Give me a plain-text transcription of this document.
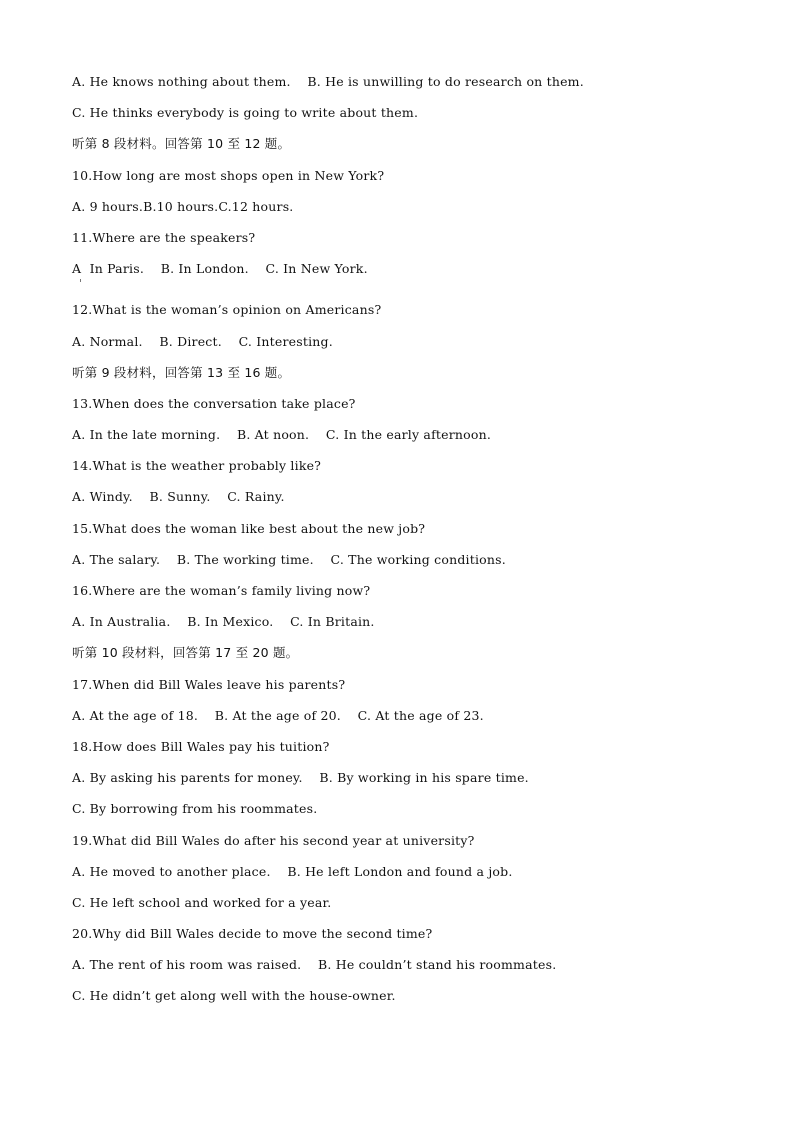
A. He knows nothing about them.    B. He is unwilling to do research on them.
C. He thinks everybody is going to write about them.
听第 8 段材料。回答第 10 至 12 题。
10.How long are most shops open in New York?
A. 9 hours.B.10 hours.C.12 hours.
11.Where are the speakers?
A  In Paris.    B. In London.    C. In New York.
12.What is the woman’s opinion on Americans?
A. Normal.    B. Direct.    C. Interesting.
听第 9 段材料，回答第 13 至 16 题。
13.When does the conversation take place?
A. In the late morning.    B. At noon.    C. In the early afternoon.
14.What is the weather probably like?
A. Windy.    B. Sunny.    C. Rainy.
15.What does the woman like best about the new job?
A. The salary.    B. The working time.    C. The working conditions.
16.Where are the woman’s family living now?
A. In Australia.    B. In Mexico.    C. In Britain.
听第 10 段材料，回答第 17 至 20 题。
17.When did Bill Wales leave his parents?
A. At the age of 18.    B. At the age of 20.    C. At the age of 23.
18.How does Bill Wales pay his tuition?
A. By asking his parents for money.    B. By working in his spare time.
C. By borrowing from his roommates.
19.What did Bill Wales do after his second year at university?
A. He moved to another place.    B. He left London and found a job.
C. He left school and worked for a year.
20.Why did Bill Wales decide to move the second time?
A. The rent of his room was raised.    B. He couldn’t stand his roommates.
C. He didn’t get along well with the house-owner.
